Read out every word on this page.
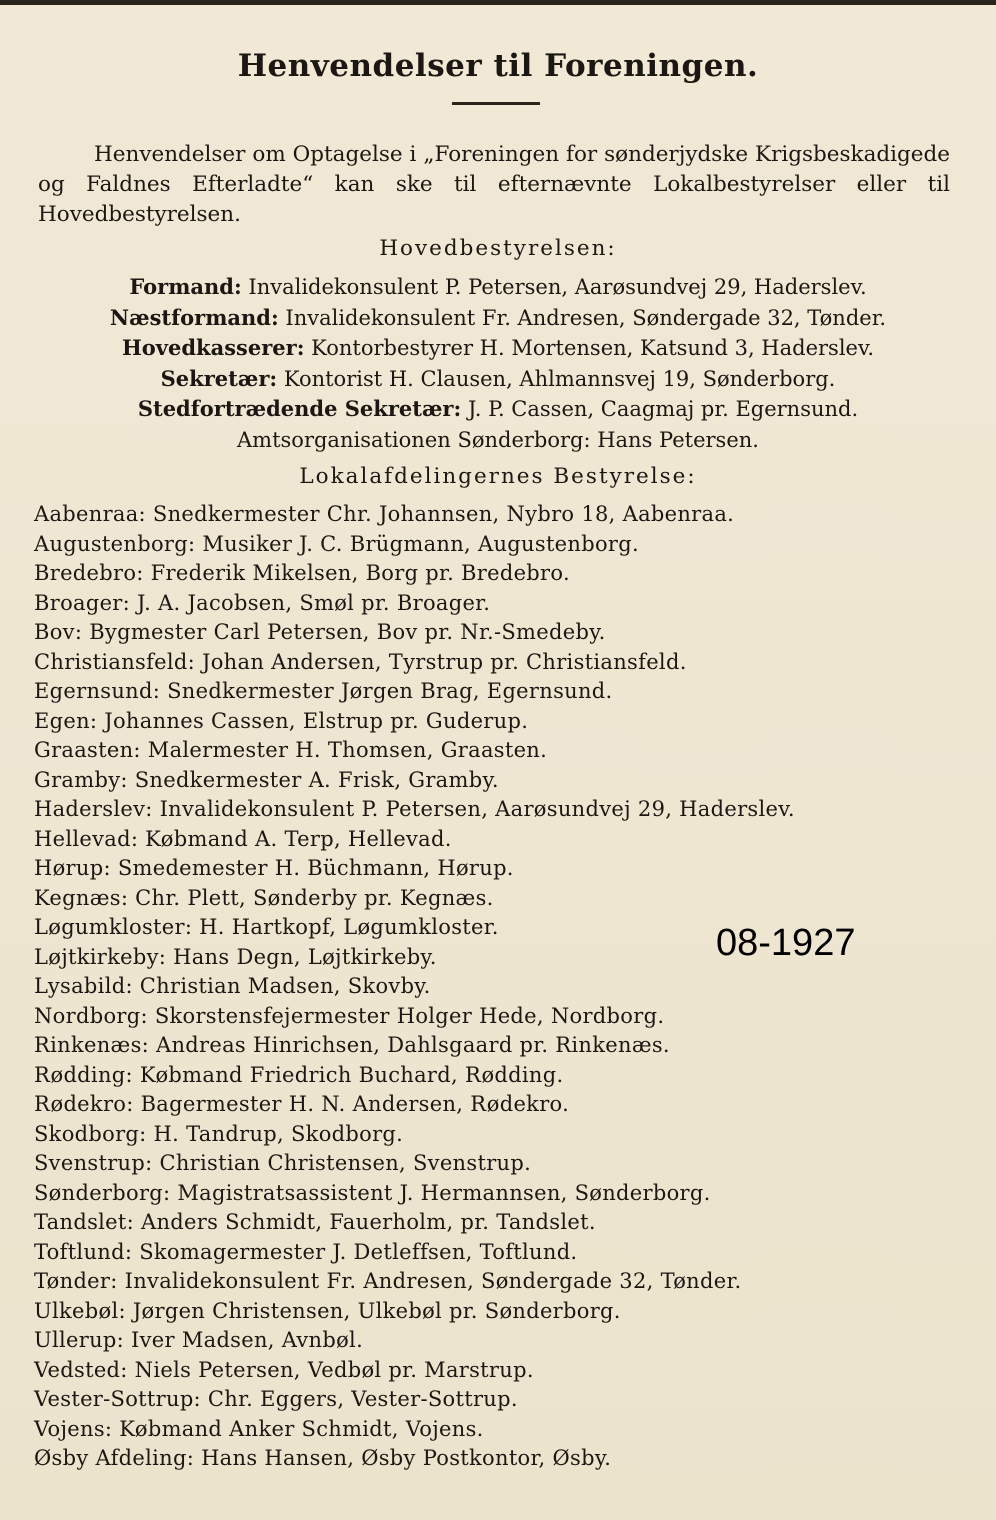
Henvendelser til Foreningen.
Henvendelser om Optagelse i „Foreningen for sønderjydske Krigsbeskadigede og Faldnes Efterladte“ kan ske til efternævnte Lokalbestyrelser eller til Hovedbestyrelsen.
Hovedbestyrelsen:
Formand: Invalidekonsulent P. Petersen, Aarøsundvej 29, Haderslev.
Næstformand: Invalidekonsulent Fr. Andresen, Søndergade 32, Tønder.
Hovedkasserer: Kontorbestyrer H. Mortensen, Katsund 3, Haderslev.
Sekretær: Kontorist H. Clausen, Ahlmannsvej 19, Sønderborg.
Stedfortrædende Sekretær: J. P. Cassen, Caagmaj pr. Egernsund.
Amtsorganisationen Sønderborg: Hans Petersen.
Lokalafdelingernes Bestyrelse:
Aabenraa: Snedkermester Chr. Johannsen, Nybro 18, Aabenraa.
Augustenborg: Musiker J. C. Brügmann, Augustenborg.
Bredebro: Frederik Mikelsen, Borg pr. Bredebro.
Broager: J. A. Jacobsen, Smøl pr. Broager.
Bov: Bygmester Carl Petersen, Bov pr. Nr.-Smedeby.
Christiansfeld: Johan Andersen, Tyrstrup pr. Christiansfeld.
Egernsund: Snedkermester Jørgen Brag, Egernsund.
Egen: Johannes Cassen, Elstrup pr. Guderup.
Graasten: Malermester H. Thomsen, Graasten.
Gramby: Snedkermester A. Frisk, Gramby.
Haderslev: Invalidekonsulent P. Petersen, Aarøsundvej 29, Haderslev.
Hellevad: Købmand A. Terp, Hellevad.
Hørup: Smedemester H. Büchmann, Hørup.
Kegnæs: Chr. Plett, Sønderby pr. Kegnæs.
Løgumkloster: H. Hartkopf, Løgumkloster.
Løjtkirkeby: Hans Degn, Løjtkirkeby.
Lysabild: Christian Madsen, Skovby.
Nordborg: Skorstensfejermester Holger Hede, Nordborg.
Rinkenæs: Andreas Hinrichsen, Dahlsgaard pr. Rinkenæs.
Rødding: Købmand Friedrich Buchard, Rødding.
Rødekro: Bagermester H. N. Andersen, Rødekro.
Skodborg: H. Tandrup, Skodborg.
Svenstrup: Christian Christensen, Svenstrup.
Sønderborg: Magistratsassistent J. Hermannsen, Sønderborg.
Tandslet: Anders Schmidt, Fauerholm, pr. Tandslet.
Toftlund: Skomagermester J. Detleffsen, Toftlund.
Tønder: Invalidekonsulent Fr. Andresen, Søndergade 32, Tønder.
Ulkebøl: Jørgen Christensen, Ulkebøl pr. Sønderborg.
Ullerup: Iver Madsen, Avnbøl.
Vedsted: Niels Petersen, Vedbøl pr. Marstrup.
Vester-Sottrup: Chr. Eggers, Vester-Sottrup.
Vojens: Købmand Anker Schmidt, Vojens.
Øsby Afdeling: Hans Hansen, Øsby Postkontor, Øsby.
08-1927
